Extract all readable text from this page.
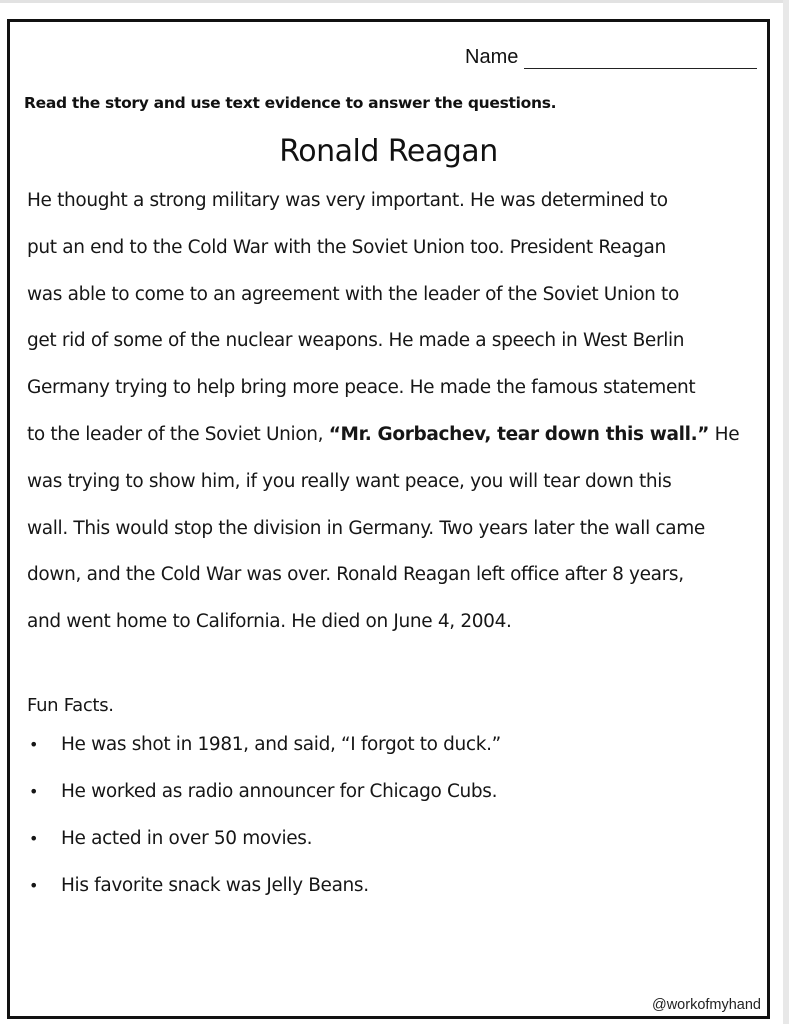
Name
Read the story and use text evidence to answer the questions.
Ronald Reagan
He thought a strong military was very important. He was determined to
put an end to the Cold War with the Soviet Union too. President Reagan
was able to come to an agreement with the leader of the Soviet Union to
get rid of some of the nuclear weapons. He made a speech in West Berlin
Germany trying to help bring more peace. He made the famous statement
to the leader of the Soviet Union, “Mr. Gorbachev, tear down this wall.” He
was trying to show him, if you really want peace, you will tear down this
wall. This would stop the division in Germany. Two years later the wall came
down, and the Cold War was over. Ronald Reagan left office after 8 years,
and went home to California. He died on June 4, 2004.
Fun Facts.
• He was shot in 1981, and said, “I forgot to duck.”
• He worked as radio announcer for Chicago Cubs.
• He acted in over 50 movies.
• His favorite snack was Jelly Beans.
@workofmyhand
